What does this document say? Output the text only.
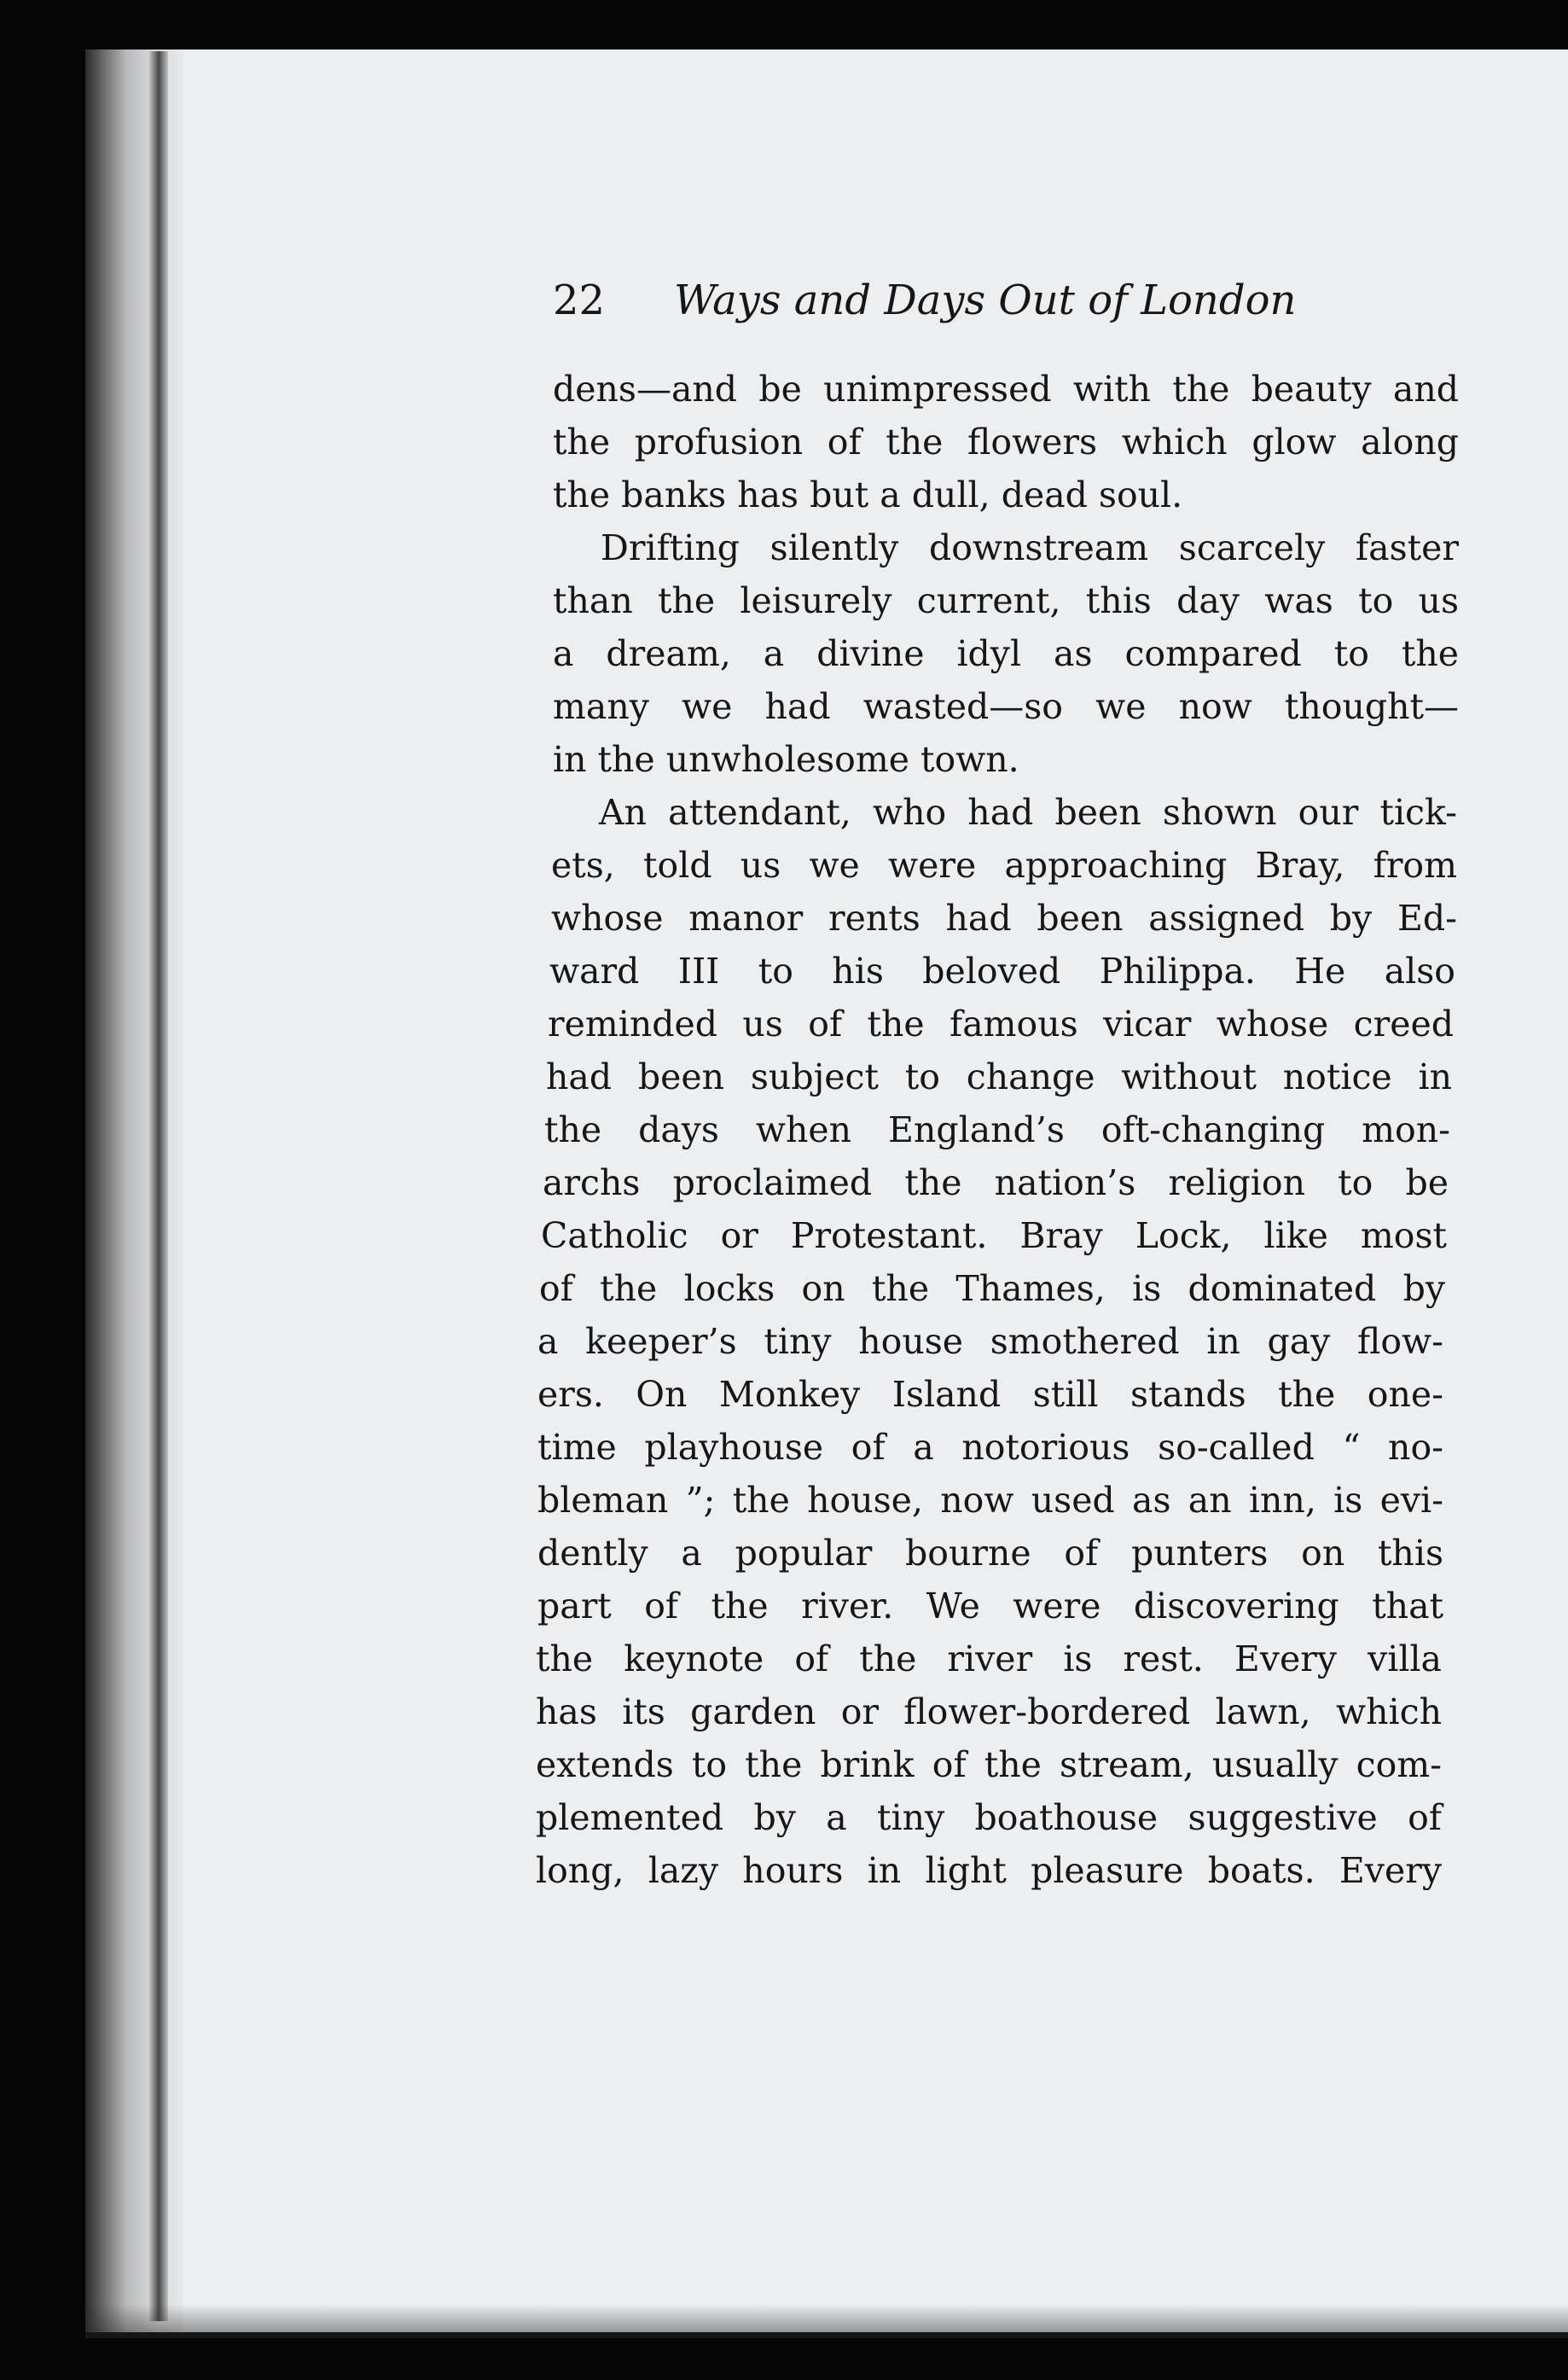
22 Ways and Days Out of London
dens—and be unimpressed with the beauty and
the profusion of the flowers which glow along
the banks has but a dull, dead soul.
Drifting silently downstream scarcely faster
than the leisurely current, this day was to us
a dream, a divine idyl as compared to the
many we had wasted—so we now thought—
in the unwholesome town.
An attendant, who had been shown our tick-
ets, told us we were approaching Bray, from
whose manor rents had been assigned by Ed-
ward III to his beloved Philippa. He also
reminded us of the famous vicar whose creed
had been subject to change without notice in
the days when England’s oft-changing mon-
archs proclaimed the nation’s religion to be
Catholic or Protestant. Bray Lock, like most
of the locks on the Thames, is dominated by
a keeper’s tiny house smothered in gay flow-
ers. On Monkey Island still stands the one-
time playhouse of a notorious so-called “ no-
bleman ”; the house, now used as an inn, is evi-
dently a popular bourne of punters on this
part of the river. We were discovering that
the keynote of the river is rest. Every villa
has its garden or flower-bordered lawn, which
extends to the brink of the stream, usually com-
plemented by a tiny boathouse suggestive of
long, lazy hours in light pleasure boats. Every
